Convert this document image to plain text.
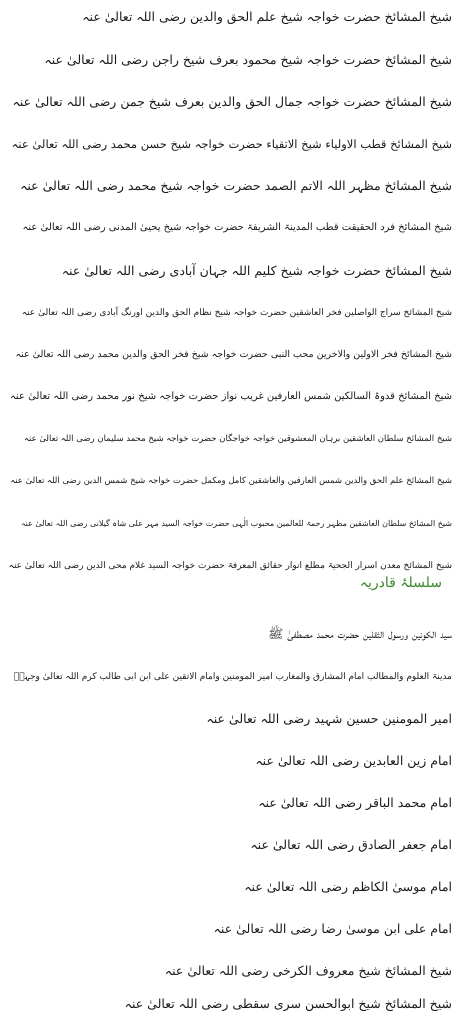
شیخ المشائخ حضرت خواجہ شیخ علم الحق والدین رضی اللہ تعالیٰ عنہ
شیخ المشائخ حضرت خواجہ شیخ محمود بعرف شیخ راجن رضی اللہ تعالیٰ عنہ
شیخ المشائخ حضرت خواجہ جمال الحق والدین بعرف شیخ جمن رضی اللہ تعالیٰ عنہ
شیخ المشائخ قطب الاولیاء شیخ الاتقیاء حضرت خواجہ شیخ حسن محمد رضی اللہ تعالیٰ عنہ
شیخ المشائخ مظہر اللہ الاتم الصمد حضرت خواجہ شیخ محمد رضی اللہ تعالیٰ عنہ
شیخ المشائخ فرد الحقیقت قطب المدینۃ الشریفۃ حضرت خواجہ شیخ یحییٰ المدنی رضی اللہ تعالیٰ عنہ
شیخ المشائخ حضرت خواجہ شیخ کلیم اللہ جہان آبادی رضی اللہ تعالیٰ عنہ
شیخ المشائخ سراج الواصلین فخر العاشقین حضرت خواجہ شیخ نظام الحق والدین اورنگ آبادی رضی اللہ تعالیٰ عنہ
شیخ المشائخ فخر الاولین والاخرین محب النبی حضرت خواجہ شیخ فخر الحق والدین محمد رضی اللہ تعالیٰ عنہ
شیخ المشائخ قدوۃ السالکین شمس العارفین غریب نواز حضرت خواجہ شیخ نور محمد رضی اللہ تعالیٰ عنہ
شیخ المشائخ سلطان العاشقین برہان المعشوقین خواجہ خواجگان حضرت خواجہ شیخ محمد سلیمان رضی اللہ تعالیٰ عنہ
شیخ المشائخ علم الحق والدین شمس العارفین والعاشقین کامل ومکمل حضرت خواجہ شیخ شمس الدین رضی اللہ تعالیٰ عنہ
شیخ المشائخ سلطان العاشقین مظہر رحمۃ للعالمین محبوب الٰہی حضرت خواجہ السید مہر علی شاہ گیلانی رضی اللہ تعالیٰ عنہ
شیخ المشائخ معدن اسرار الجحیۃ مطلع انوار حقائق المعرفۃ حضرت خواجہ السید غلام محی الدین رضی اللہ تعالیٰ عنہ
سلسلۂ قادریہ
سید الکونین ورسول الثقلین حضرت محمد مصطفیٰ ﷺ
مدینۃ العلوم والمطالب امام المشارق والمغارب امیر المومنین وامام الاتقین علی ابن ابی طالب کرم اللہ تعالیٰ وجہہٗ
امیر المومنین حسین شہید رضی اللہ تعالیٰ عنہ
امام زین العابدین رضی اللہ تعالیٰ عنہ
امام محمد الباقر رضی اللہ تعالیٰ عنہ
امام جعفر الصادق رضی اللہ تعالیٰ عنہ
امام موسیٰ الکاظم رضی اللہ تعالیٰ عنہ
امام علی ابن موسیٰ رضا رضی اللہ تعالیٰ عنہ
شیخ المشائخ شیخ معروف الکرخی رضی اللہ تعالیٰ عنہ
شیخ المشائخ شیخ ابوالحسن سری سقطی رضی اللہ تعالیٰ عنہ
